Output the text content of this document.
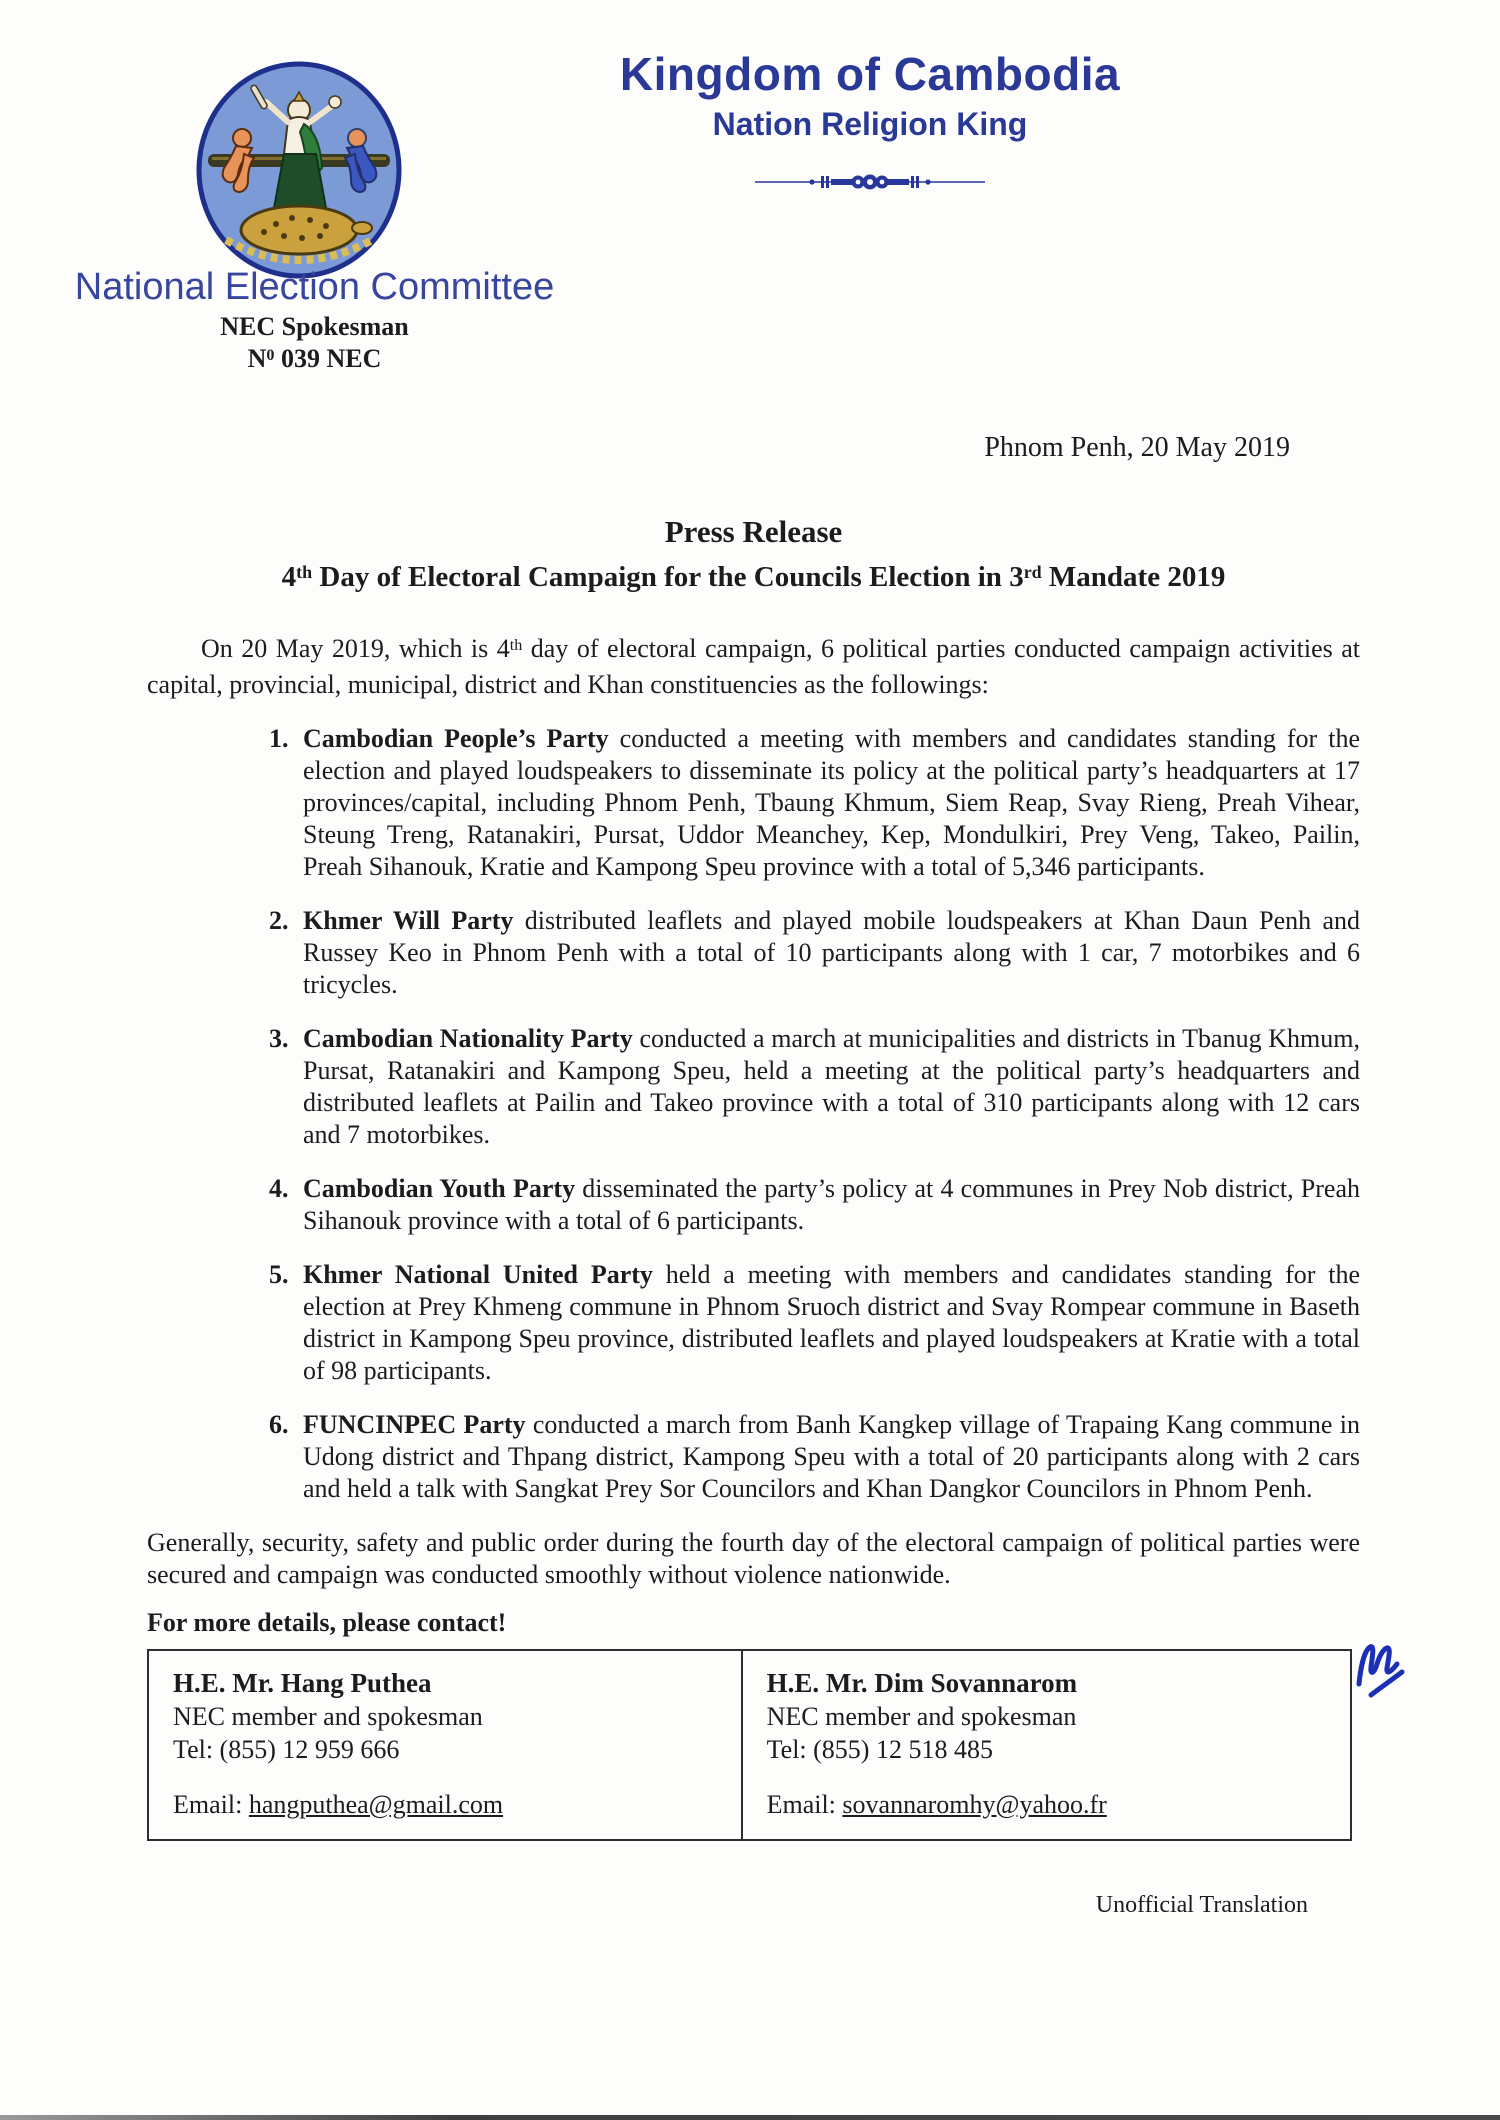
Kingdom of Cambodia
Nation Religion King
National Election Committee
NEC Spokesman
$N^0$ 039 NEC
Phnom Penh, 20 May 2019
Press Release
4th Day of Electoral Campaign for the Councils Election in 3rd Mandate 2019

On 20 May 2019, which is 4th day of electoral campaign, 6 political parties conducted campaign activities at capital, provincial, municipal, district and Khan constituencies as the followings:

1. Cambodian People’s Party conducted a meeting with members and candidates standing for the election and played loudspeakers to disseminate its policy at the political party’s headquarters at 17 provinces/capital, including Phnom Penh, Tbaung Khmum, Siem Reap, Svay Rieng, Preah Vihear, Steung Treng, Ratanakiri, Pursat, Uddor Meanchey, Kep, Mondulkiri, Prey Veng, Takeo, Pailin, Preah Sihanouk, Kratie and Kampong Speu province with a total of 5,346 participants.
2. Khmer Will Party distributed leaflets and played mobile loudspeakers at Khan Daun Penh and Russey Keo in Phnom Penh with a total of 10 participants along with 1 car, 7 motorbikes and 6 tricycles.
3. Cambodian Nationality Party conducted a march at municipalities and districts in Tbanug Khmum, Pursat, Ratanakiri and Kampong Speu, held a meeting at the political party’s headquarters and distributed leaflets at Pailin and Takeo province with a total of 310 participants along with 12 cars and 7 motorbikes.
4. Cambodian Youth Party disseminated the party’s policy at 4 communes in Prey Nob district, Preah Sihanouk province with a total of 6 participants.
5. Khmer National United Party held a meeting with members and candidates standing for the election at Prey Khmeng commune in Phnom Sruoch district and Svay Rompear commune in Baseth district in Kampong Speu province, distributed leaflets and played loudspeakers at Kratie with a total of 98 participants.
6. FUNCINPEC Party conducted a march from Banh Kangkep village of Trapaing Kang commune in Udong district and Thpang district, Kampong Speu with a total of 20 participants along with 2 cars and held a talk with Sangkat Prey Sor Councilors and Khan Dangkor Councilors in Phnom Penh.

Generally, security, safety and public order during the fourth day of the electoral campaign of political parties were secured and campaign was conducted smoothly without violence nationwide.

For more details, please contact!

H.E. Mr. Hang Puthea
NEC member and spokesman
Tel: (855) 12 959 666
Email: hangputhea@gmail.com

H.E. Mr. Dim Sovannarom
NEC member and spokesman
Tel: (855) 12 518 485
Email: sovannaromhy@yahoo.fr
Unofficial Translation
